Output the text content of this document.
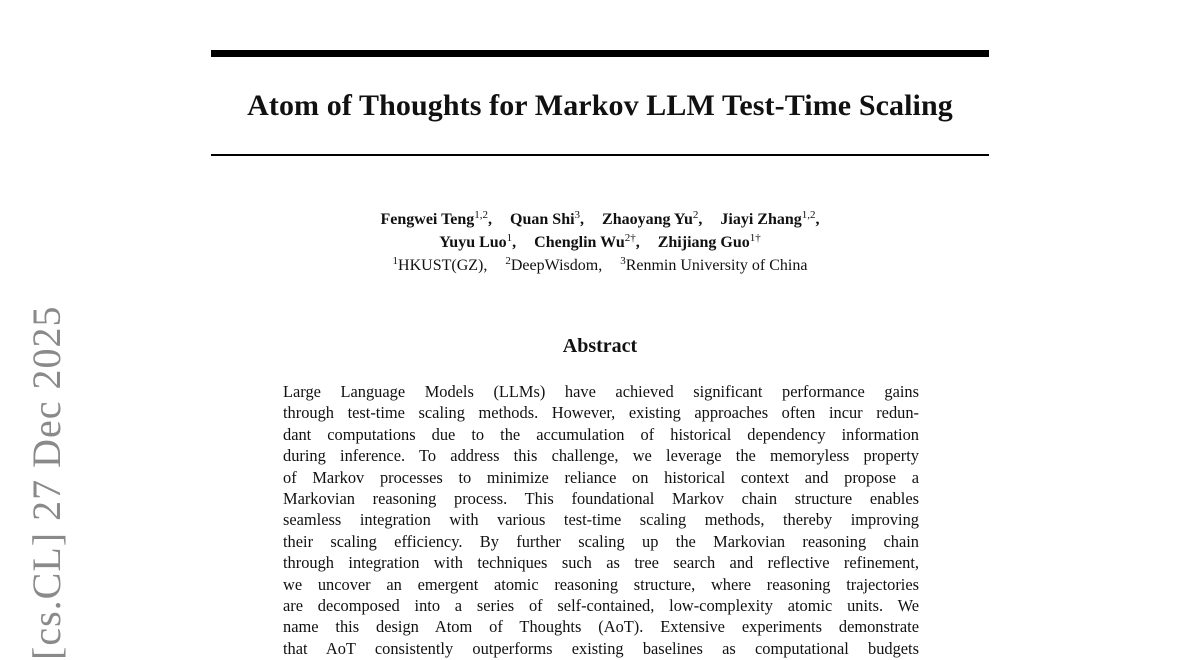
Atom of Thoughts for Markov LLM Test-Time Scaling
Fengwei Teng$^{1,2}$, Quan Shi$^3$, Zhaoyang Yu$^2$, Jiayi Zhang$^{1,2}$,
Yuyu Luo$^1$, Chenglin $Wu^{2\dagger}$, Zhijiang Guo$^{1\dagger}$
$^1$HKUST(GZ), $^2$DeepWisdom, $^3$Renmin University of China
Abstract
Large Language Models (LLMs) have achieved significant performance gains
through test-time scaling methods. However, existing approaches often incur redun-
dant computations due to the accumulation of historical dependency information
during inference. To address this challenge, we leverage the memoryless property
of Markov processes to minimize reliance on historical context and propose a
Markovian reasoning process. This foundational Markov chain structure enables
seamless integration with various test-time scaling methods, thereby improving
their scaling efficiency. By further scaling up the Markovian reasoning chain
through integration with techniques such as tree search and reflective refinement,
we uncover an emergent atomic reasoning structure, where reasoning trajectories
are decomposed into a series of self-contained, low-complexity atomic units. We
name this design Atom of Thoughts (AoT). Extensive experiments demonstrate
that AoT consistently outperforms existing baselines as computational budgets
[cs.CL] 27 Dec 2025
